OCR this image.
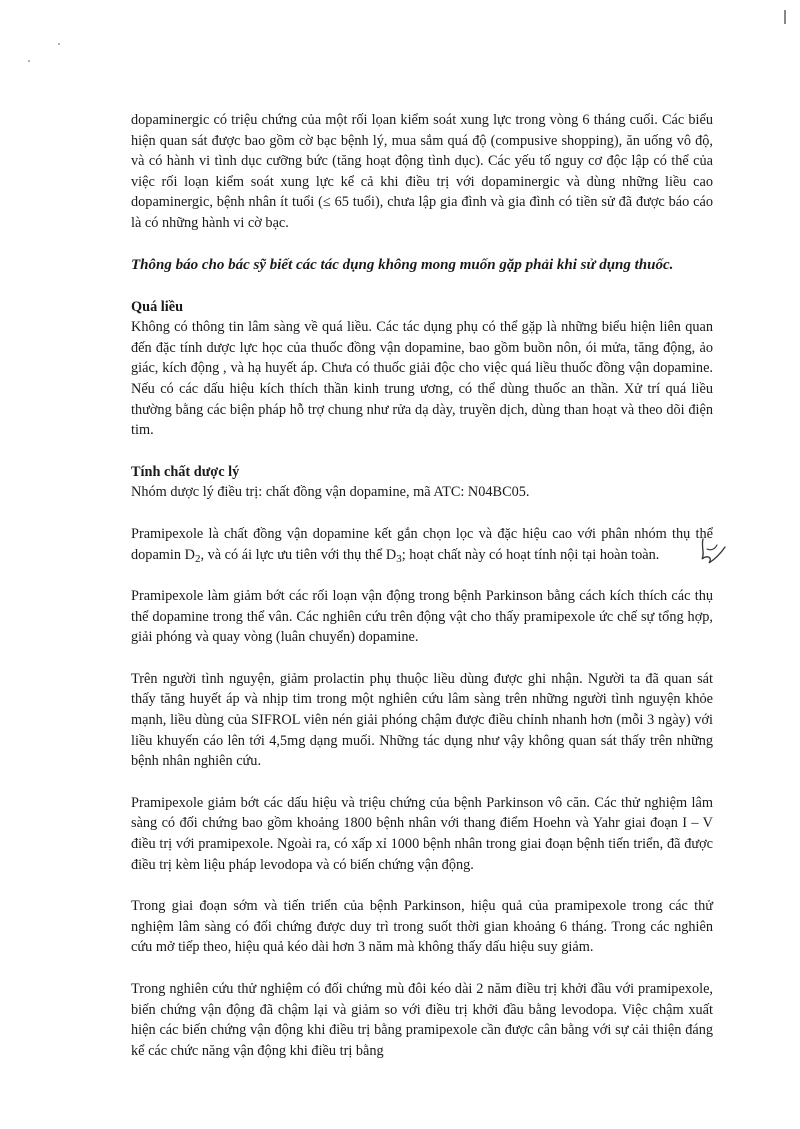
dopaminergic có triệu chứng của một rối lọan kiểm soát xung lực trong vòng 6 tháng cuối. Các biểu hiện quan sát được bao gồm cờ bạc bệnh lý, mua sắm quá độ (compusive shopping), ăn uống vô độ, và có hành vi tình dục cưỡng bức (tăng hoạt động tình dục). Các yếu tố nguy cơ độc lập có thể của việc rối loạn kiểm soát xung lực kể cả khi điều trị với dopaminergic và dùng những liều cao dopaminergic, bệnh nhân ít tuổi (≤ 65 tuổi), chưa lập gia đình và gia đình có tiền sử đã được báo cáo là có những hành vi cờ bạc.

Thông báo cho bác sỹ biết các tác dụng không mong muốn gặp phải khi sử dụng thuốc.

Quá liều

Không có thông tin lâm sàng về quá liều. Các tác dụng phụ có thể gặp là những biểu hiện liên quan đến đặc tính dược lực học của thuốc đồng vận dopamine, bao gồm buồn nôn, ói mửa, tăng động, ảo giác, kích động , và hạ huyết áp. Chưa có thuốc giải độc cho việc quá liều thuốc đồng vận dopamine. Nếu có các dấu hiệu kích thích thần kinh trung ương, có thể dùng thuốc an thần. Xử trí quá liều thường bằng các biện pháp hỗ trợ chung như rửa dạ dày, truyền dịch, dùng than hoạt và theo dõi điện tim.

Tính chất dược lý

Nhóm dược lý điều trị: chất đồng vận dopamine, mã ATC: N04BC05.

Pramipexole là chất đồng vận dopamine kết gắn chọn lọc và đặc hiệu cao với phân nhóm thụ thể dopamin $D_2$, và có ái lực ưu tiên với thụ thể $D_3$; hoạt chất này có hoạt tính nội tại hoàn toàn.

Pramipexole làm giảm bớt các rối loạn vận động trong bệnh Parkinson bằng cách kích thích các thụ thể dopamine trong thể vân. Các nghiên cứu trên động vật cho thấy pramipexole ức chế sự tổng hợp, giải phóng và quay vòng (luân chuyển) dopamine.

Trên người tình nguyện, giảm prolactin phụ thuộc liều dùng được ghi nhận. Người ta đã quan sát thấy tăng huyết áp và nhịp tim trong một nghiên cứu lâm sàng trên những người tình nguyện khỏe mạnh, liều dùng của SIFROL viên nén giải phóng chậm được điều chỉnh nhanh hơn (mỗi 3 ngày) với liều khuyến cáo lên tới 4,5mg dạng muối. Những tác dụng như vậy không quan sát thấy trên những bệnh nhân nghiên cứu.

Pramipexole giảm bớt các dấu hiệu và triệu chứng của bệnh Parkinson vô căn. Các thử nghiệm lâm sàng có đối chứng bao gồm khoảng 1800 bệnh nhân với thang điểm Hoehn và Yahr giai đoạn I – V điều trị với pramipexole. Ngoài ra, có xấp xỉ 1000 bệnh nhân trong giai đoạn bệnh tiến triển, đã được điều trị kèm liệu pháp levodopa và có biến chứng vận động.

Trong giai đoạn sớm và tiến triển của bệnh Parkinson, hiệu quả của pramipexole trong các thử nghiệm lâm sàng có đối chứng được duy trì trong suốt thời gian khoảng 6 tháng. Trong các nghiên cứu mở tiếp theo, hiệu quả kéo dài hơn 3 năm mà không thấy dấu hiệu suy giảm.

Trong nghiên cứu thử nghiệm có đối chứng mù đôi kéo dài 2 năm điều trị khởi đầu với pramipexole, biến chứng vận động đã chậm lại và giảm so với điều trị khởi đầu bằng levodopa. Việc chậm xuất hiện các biến chứng vận động khi điều trị bằng pramipexole cần được cân bằng với sự cải thiện đáng kể các chức năng vận động khi điều trị bằng
